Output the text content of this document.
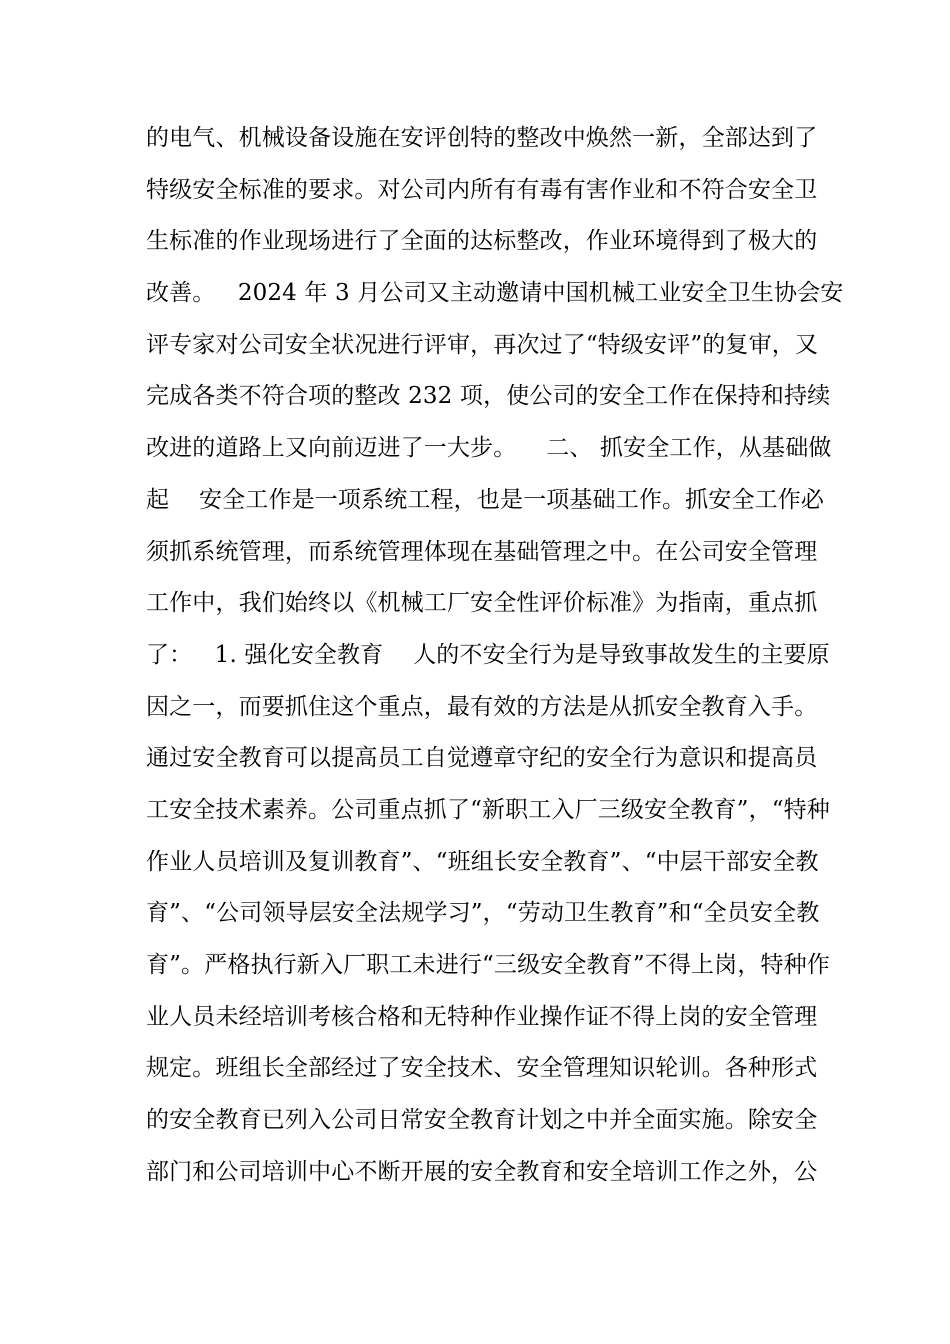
的电气、机械设备设施在安评创特的整改中焕然一新，全部达到了
特级安全标准的要求。对公司内所有有毒有害作业和不符合安全卫
生标准的作业现场进行了全面的达标整改，作业环境得到了极大的
改善。   2024 年 3 月公司又主动邀请中国机械工业安全卫生协会安
评专家对公司安全状况进行评审，再次过了“特级安评”的复审，又
完成各类不符合项的整改 232 项，使公司的安全工作在保持和持续
改进的道路上又向前迈进了一大步。    二、 抓安全工作，从基础做
起    安全工作是一项系统工程，也是一项基础工作。抓安全工作必
须抓系统管理，而系统管理体现在基础管理之中。在公司安全管理
工作中，我们始终以《机械工厂安全性评价标准》为指南，重点抓
了：   1. 强化安全教育    人的不安全行为是导致事故发生的主要原
因之一，而要抓住这个重点，最有效的方法是从抓安全教育入手。
通过安全教育可以提高员工自觉遵章守纪的安全行为意识和提高员
工安全技术素养。公司重点抓了“新职工入厂三级安全教育”，“特种
作业人员培训及复训教育”、“班组长安全教育”、“中层干部安全教
育”、“公司领导层安全法规学习”，“劳动卫生教育”和“全员安全教
育”。严格执行新入厂职工未进行“三级安全教育”不得上岗，特种作
业人员未经培训考核合格和无特种作业操作证不得上岗的安全管理
规定。班组长全部经过了安全技术、安全管理知识轮训。各种形式
的安全教育已列入公司日常安全教育计划之中并全面实施。除安全
部门和公司培训中心不断开展的安全教育和安全培训工作之外，公
